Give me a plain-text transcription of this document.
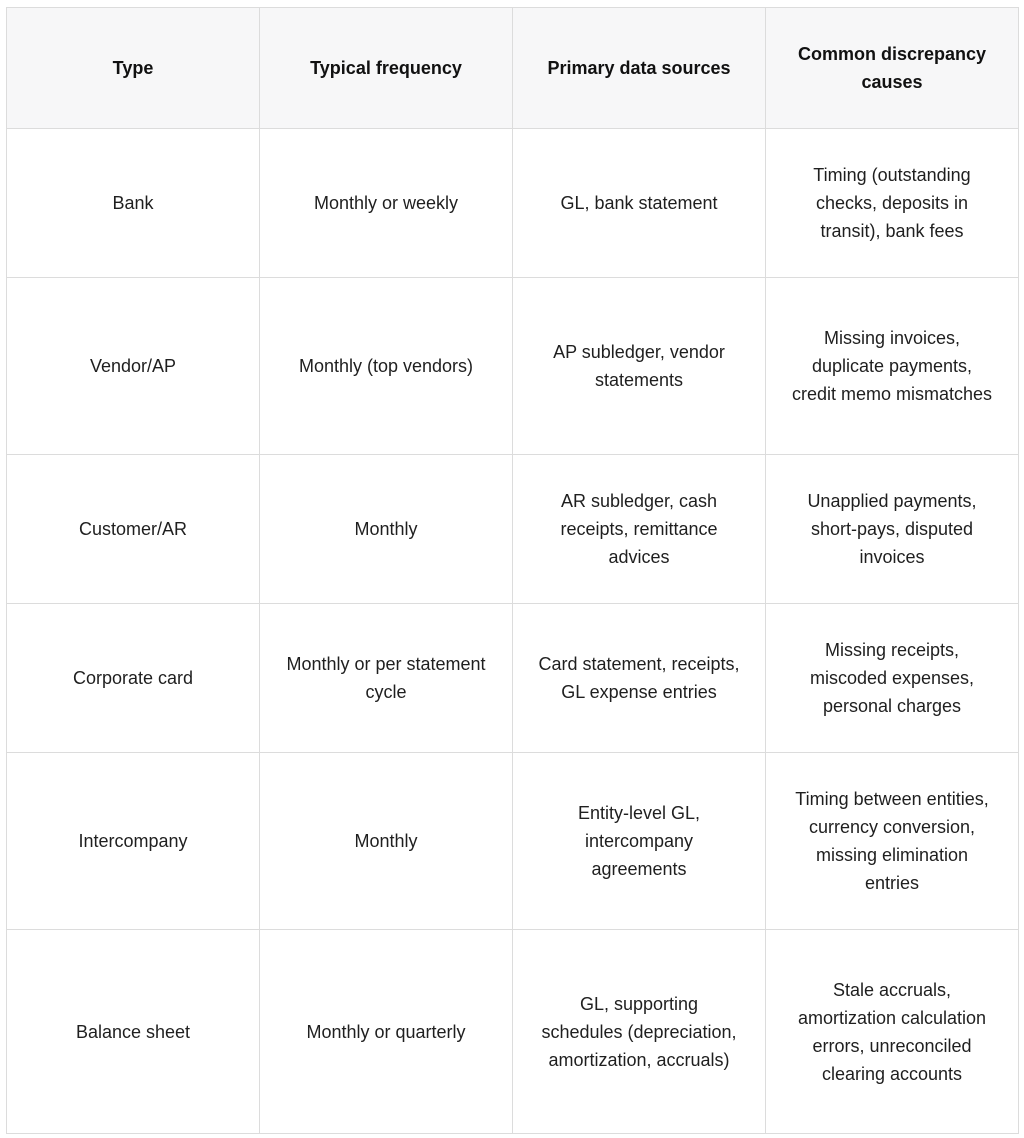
Type	Typical frequency	Primary data sources	Common discrepancy causes
Bank	Monthly or weekly	GL, bank statement	Timing (outstanding checks, deposits in transit), bank fees
Vendor/AP	Monthly (top vendors)	AP subledger, vendor statements	Missing invoices, duplicate payments, credit memo mismatches
Customer/AR	Monthly	AR subledger, cash receipts, remittance advices	Unapplied payments, short-pays, disputed invoices
Corporate card	Monthly or per statement cycle	Card statement, receipts, GL expense entries	Missing receipts, miscoded expenses, personal charges
Intercompany	Monthly	Entity-level GL, intercompany agreements	Timing between entities, currency conversion, missing elimination entries
Balance sheet	Monthly or quarterly	GL, supporting schedules (depreciation, amortization, accruals)	Stale accruals, amortization calculation errors, unreconciled clearing accounts
